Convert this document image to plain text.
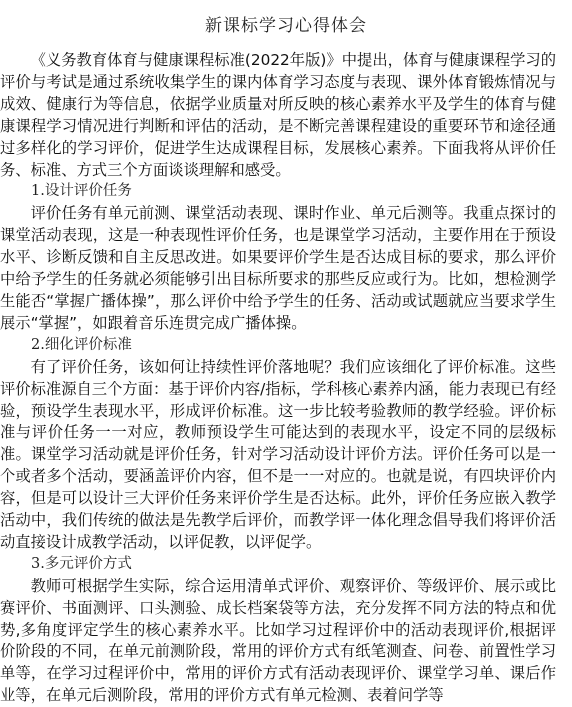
新课标学习心得体会

《义务教育体育与健康课程标准(2022年版)》中提出，体育与健康课程学习的评价与考试是通过系统收集学生的课内体育学习态度与表现、课外体育锻炼情况与成效、健康行为等信息，依据学业质量对所反映的核心素养水平及学生的体育与健康课程学习情况进行判断和评估的活动，是不断完善课程建设的重要环节和途径通过多样化的学习评价，促进学生达成课程目标，发展核心素养。下面我将从评价任务、标准、方式三个方面谈谈理解和感受。

1.设计评价任务

评价任务有单元前测、课堂活动表现、课时作业、单元后测等。我重点探讨的课堂活动表现，这是一种表现性评价任务，也是课堂学习活动，主要作用在于预设水平、诊断反馈和自主反思改进。如果要评价学生是否达成目标的要求，那么评价中给予学生的任务就必须能够引出目标所要求的那些反应或行为。比如，想检测学生能否“掌握广播体操”，那么评价中给予学生的任务、活动或试题就应当要求学生展示“掌握”，如跟着音乐连贯完成广播体操。

2.细化评价标准

有了评价任务，该如何让持续性评价落地呢？我们应该细化了评价标准。这些评价标准源自三个方面：基于评价内容/指标，学科核心素养内涵，能力表现已有经验，预设学生表现水平，形成评价标准。这一步比较考验教师的教学经验。评价标准与评价任务一一对应，教师预设学生可能达到的表现水平，设定不同的层级标准。课堂学习活动就是评价任务，针对学习活动设计评价方法。评价任务可以是一个或者多个活动，要涵盖评价内容，但不是一一对应的。也就是说，有四块评价内容，但是可以设计三大评价任务来评价学生是否达标。此外，评价任务应嵌入教学活动中，我们传统的做法是先教学后评价，而教学评一体化理念倡导我们将评价活动直接设计成教学活动，以评促教，以评促学。

3.多元评价方式

教师可根据学生实际，综合运用清单式评价、观察评价、等级评价、展示或比赛评价、书面测评、口头测验、成长档案袋等方法，充分发挥不同方法的特点和优势,多角度评定学生的核心素养水平。比如学习过程评价中的活动表现评价,根据评价阶段的不同，在单元前测阶段，常用的评价方式有纸笔测查、问卷、前置性学习单等，在学习过程评价中，常用的评价方式有活动表现评价、课堂学习单、课后作业等，在单元后测阶段，常用的评价方式有单元检测、表着问学等
